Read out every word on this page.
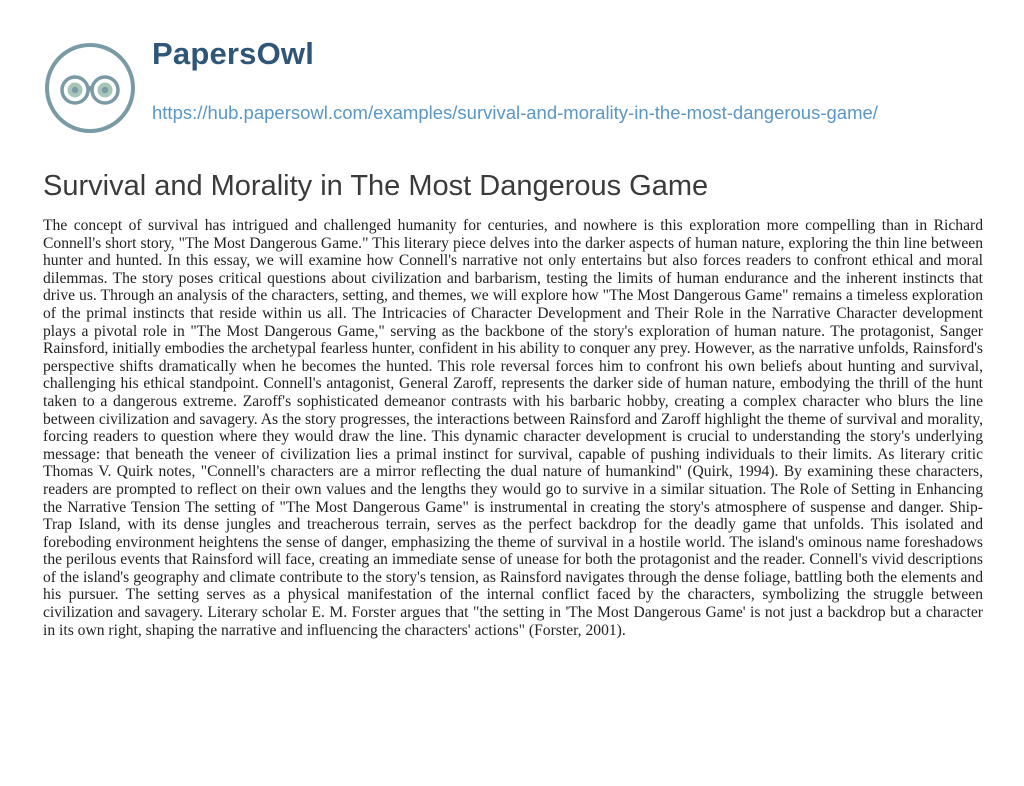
PapersOwl
https://hub.papersowl.com/examples/survival-and-morality-in-the-most-dangerous-game/
Survival and Morality in The Most Dangerous Game

The concept of survival has intrigued and challenged humanity for centuries, and nowhere is this exploration more compelling than in Richard Connell's short story, "The Most Dangerous Game." This literary piece delves into the darker aspects of human nature, exploring the thin line between hunter and hunted. In this essay, we will examine how Connell's narrative not only entertains but also forces readers to confront ethical and moral dilemmas. The story poses critical questions about civilization and barbarism, testing the limits of human endurance and the inherent instincts that drive us. Through an analysis of the characters, setting, and themes, we will explore how "The Most Dangerous Game" remains a timeless exploration of the primal instincts that reside within us all. The Intricacies of Character Development and Their Role in the Narrative Character development plays a pivotal role in "The Most Dangerous Game," serving as the backbone of the story's exploration of human nature. The protagonist, Sanger Rainsford, initially embodies the archetypal fearless hunter, confident in his ability to conquer any prey. However, as the narrative unfolds, Rainsford's perspective shifts dramatically when he becomes the hunted. This role reversal forces him to confront his own beliefs about hunting and survival, challenging his ethical standpoint. Connell's antagonist, General Zaroff, represents the darker side of human nature, embodying the thrill of the hunt taken to a dangerous extreme. Zaroff's sophisticated demeanor contrasts with his barbaric hobby, creating a complex character who blurs the line between civilization and savagery. As the story progresses, the interactions between Rainsford and Zaroff highlight the theme of survival and morality, forcing readers to question where they would draw the line. This dynamic character development is crucial to understanding the story's underlying message: that beneath the veneer of civilization lies a primal instinct for survival, capable of pushing individuals to their limits. As literary critic Thomas V. Quirk notes, "Connell's characters are a mirror reflecting the dual nature of humankind" (Quirk, 1994). By examining these characters, readers are prompted to reflect on their own values and the lengths they would go to survive in a similar situation. The Role of Setting in Enhancing the Narrative Tension The setting of "The Most Dangerous Game" is instrumental in creating the story's atmosphere of suspense and danger. Ship-Trap Island, with its dense jungles and treacherous terrain, serves as the perfect backdrop for the deadly game that unfolds. This isolated and foreboding environment heightens the sense of danger, emphasizing the theme of survival in a hostile world. The island's ominous name foreshadows the perilous events that Rainsford will face, creating an immediate sense of unease for both the protagonist and the reader. Connell's vivid descriptions of the island's geography and climate contribute to the story's tension, as Rainsford navigates through the dense foliage, battling both the elements and his pursuer. The setting serves as a physical manifestation of the internal conflict faced by the characters, symbolizing the struggle between civilization and savagery. Literary scholar E. M. Forster argues that "the setting in 'The Most Dangerous Game' is not just a backdrop but a character in its own right, shaping the narrative and influencing the characters' actions" (Forster, 2001).
